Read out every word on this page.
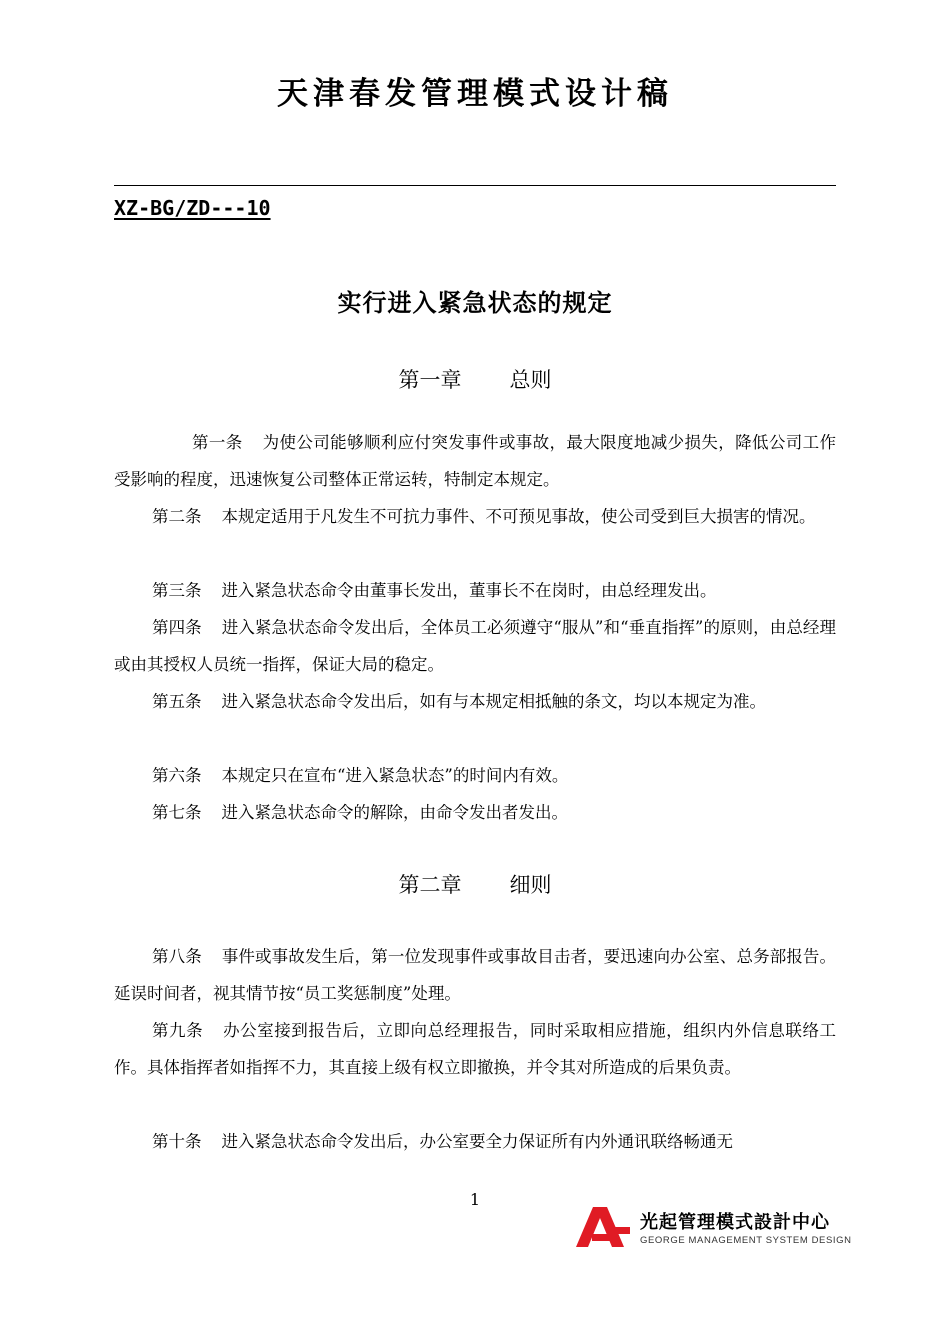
天津春发管理模式设计稿
XZ-BG/ZD---10
实行进入紧急状态的规定
第一章 总则

第一条 为使公司能够顺利应付突发事件或事故，最大限度地减少损失，降低公司工作受影响的程度，迅速恢复公司整体正常运转，特制定本规定。

第二条 本规定适用于凡发生不可抗力事件、不可预见事故，使公司受到巨大损害的情况。

第三条 进入紧急状态命令由董事长发出，董事长不在岗时，由总经理发出。

第四条 进入紧急状态命令发出后，全体员工必须遵守“服从”和“垂直指挥”的原则，由总经理或由其授权人员统一指挥，保证大局的稳定。

第五条 进入紧急状态命令发出后，如有与本规定相抵触的条文，均以本规定为准。

第六条 本规定只在宣布“进入紧急状态”的时间内有效。

第七条 进入紧急状态命令的解除，由命令发出者发出。

第二章 细则

第八条 事件或事故发生后，第一位发现事件或事故目击者，要迅速向办公室、总务部报告。延误时间者，视其情节按“员工奖惩制度”处理。

第九条 办公室接到报告后，立即向总经理报告，同时采取相应措施，组织内外信息联络工作。具体指挥者如指挥不力，其直接上级有权立即撤换，并令其对所造成的后果负责。

第十条 进入紧急状态命令发出后，办公室要全力保证所有内外通讯联络畅通无

1
光起管理模式設計中心
GEORGE MANAGEMENT SYSTEM DESIGN
